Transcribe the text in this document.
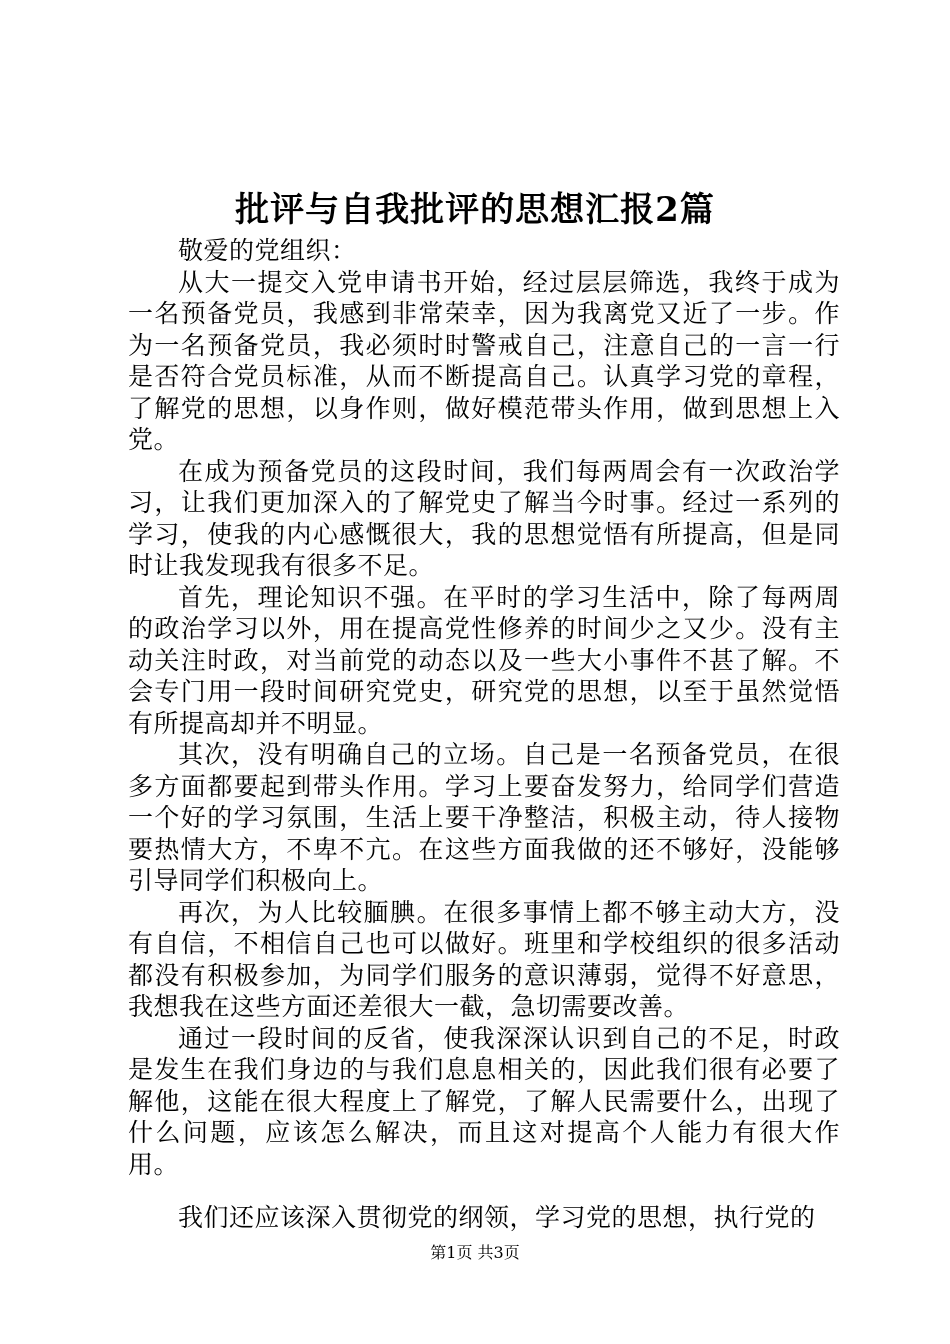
批评与自我批评的思想汇报2篇

敬爱的党组织：

从大一提交入党申请书开始，经过层层筛选，我终于成为一名预备党员，我感到非常荣幸，因为我离党又近了一步。作为一名预备党员，我必须时时警戒自己，注意自己的一言一行是否符合党员标准，从而不断提高自己。认真学习党的章程，了解党的思想，以身作则，做好模范带头作用，做到思想上入党。

在成为预备党员的这段时间，我们每两周会有一次政治学习，让我们更加深入的了解党史了解当今时事。经过一系列的学习，使我的内心感慨很大，我的思想觉悟有所提高，但是同时让我发现我有很多不足。

首先，理论知识不强。在平时的学习生活中，除了每两周的政治学习以外，用在提高党性修养的时间少之又少。没有主动关注时政，对当前党的动态以及一些大小事件不甚了解。不会专门用一段时间研究党史，研究党的思想，以至于虽然觉悟有所提高却并不明显。

其次，没有明确自己的立场。自己是一名预备党员，在很多方面都要起到带头作用。学习上要奋发努力，给同学们营造一个好的学习氛围，生活上要干净整洁，积极主动，待人接物要热情大方，不卑不亢。在这些方面我做的还不够好，没能够引导同学们积极向上。

再次，为人比较腼腆。在很多事情上都不够主动大方，没有自信，不相信自己也可以做好。班里和学校组织的很多活动都没有积极参加，为同学们服务的意识薄弱，觉得不好意思，我想我在这些方面还差很大一截，急切需要改善。

通过一段时间的反省，使我深深认识到自己的不足，时政是发生在我们身边的与我们息息相关的，因此我们很有必要了解他，这能在很大程度上了解党，了解人民需要什么，出现了什么问题，应该怎么解决，而且这对提高个人能力有很大作用。

我们还应该深入贯彻党的纲领，学习党的思想，执行党的

第1页 共3页
